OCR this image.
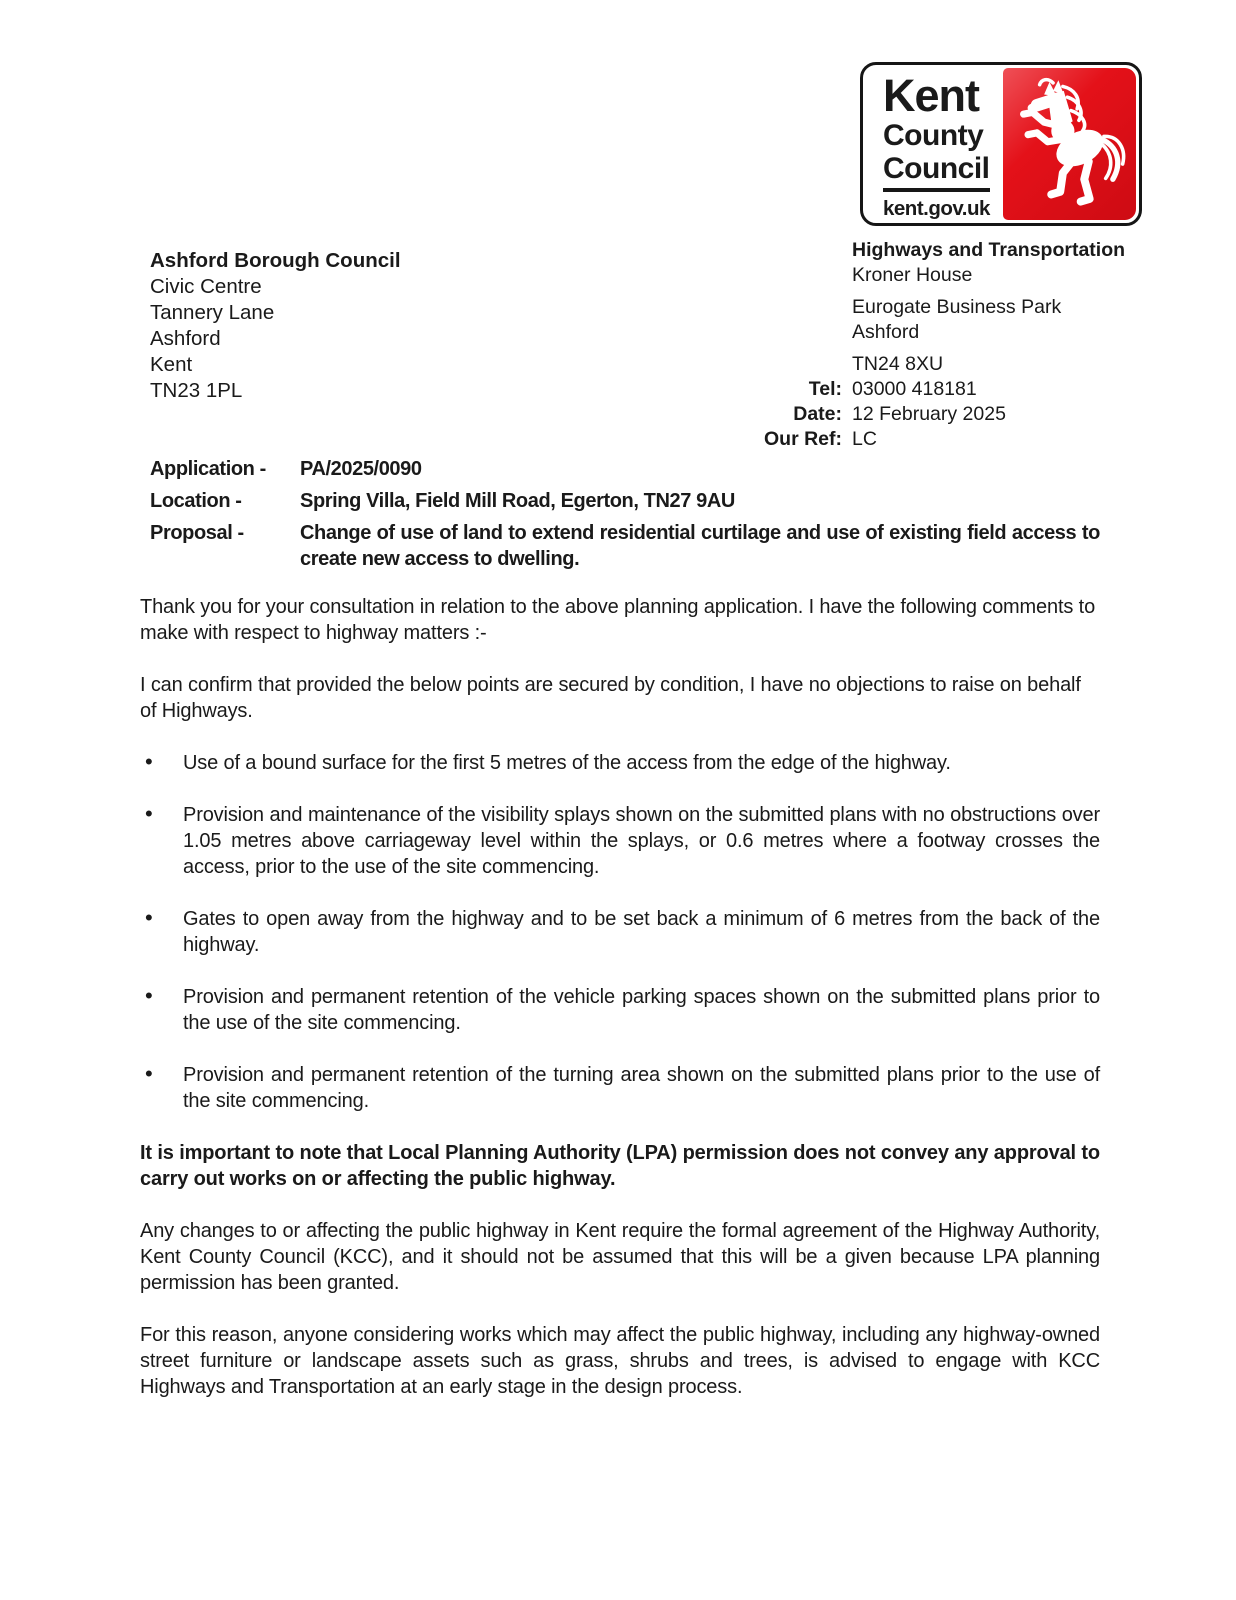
Kent
County
Council
kent.gov.uk
Ashford Borough Council
Civic Centre
Tannery Lane
Ashford
Kent
TN23 1PL
Highways and Transportation
Kroner House
Eurogate Business Park
Ashford
TN24 8XU
Tel: 03000 418181
Date: 12 February 2025
Our Ref: LC
Application -	PA/2025/0090
Location -	Spring Villa, Field Mill Road, Egerton, TN27 9AU
Proposal -	Change of use of land to extend residential curtilage and use of existing field access to create new access to dwelling.

Thank you for your consultation in relation to the above planning application. I have the following comments to make with respect to highway matters :-

I can confirm that provided the below points are secured by condition, I have no objections to raise on behalf of Highways.

• Use of a bound surface for the first 5 metres of the access from the edge of the highway.
• Provision and maintenance of the visibility splays shown on the submitted plans with no obstructions over 1.05 metres above carriageway level within the splays, or 0.6 metres where a footway crosses the access, prior to the use of the site commencing.
• Gates to open away from the highway and to be set back a minimum of 6 metres from the back of the highway.
• Provision and permanent retention of the vehicle parking spaces shown on the submitted plans prior to the use of the site commencing.
• Provision and permanent retention of the turning area shown on the submitted plans prior to the use of the site commencing.

It is important to note that Local Planning Authority (LPA) permission does not convey any approval to carry out works on or affecting the public highway.

Any changes to or affecting the public highway in Kent require the formal agreement of the Highway Authority, Kent County Council (KCC), and it should not be assumed that this will be a given because LPA planning permission has been granted.

For this reason, anyone considering works which may affect the public highway, including any highway-owned street furniture or landscape assets such as grass, shrubs and trees, is advised to engage with KCC Highways and Transportation at an early stage in the design process.
